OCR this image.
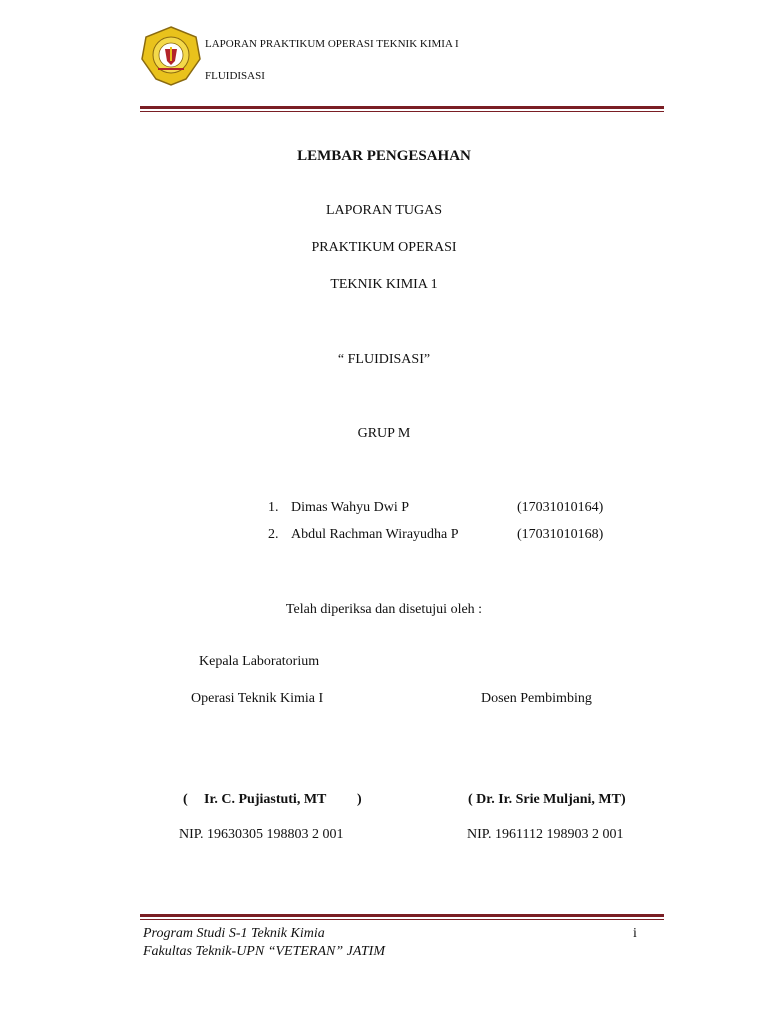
LAPORAN PRAKTIKUM OPERASI TEKNIK KIMIA I
FLUIDISASI
LEMBAR PENGESAHAN
LAPORAN TUGAS
PRAKTIKUM OPERASI
TEKNIK KIMIA 1
“ FLUIDISASI”
GRUP M
1. Dimas Wahyu Dwi P	(17031010164)
2. Abdul Rachman Wirayudha P	(17031010168)
Telah diperiksa dan disetujui oleh :
Kepala Laboratorium
Operasi Teknik Kimia I	Dosen Pembimbing
( Ir. C. Pujiastuti, MT )	( Dr. Ir. Srie Muljani, MT)
NIP. 19630305 198803 2 001	NIP. 1961112 198903 2 001
Program Studi S-1 Teknik Kimia
Fakultas Teknik-UPN “VETERAN” JATIM
i
